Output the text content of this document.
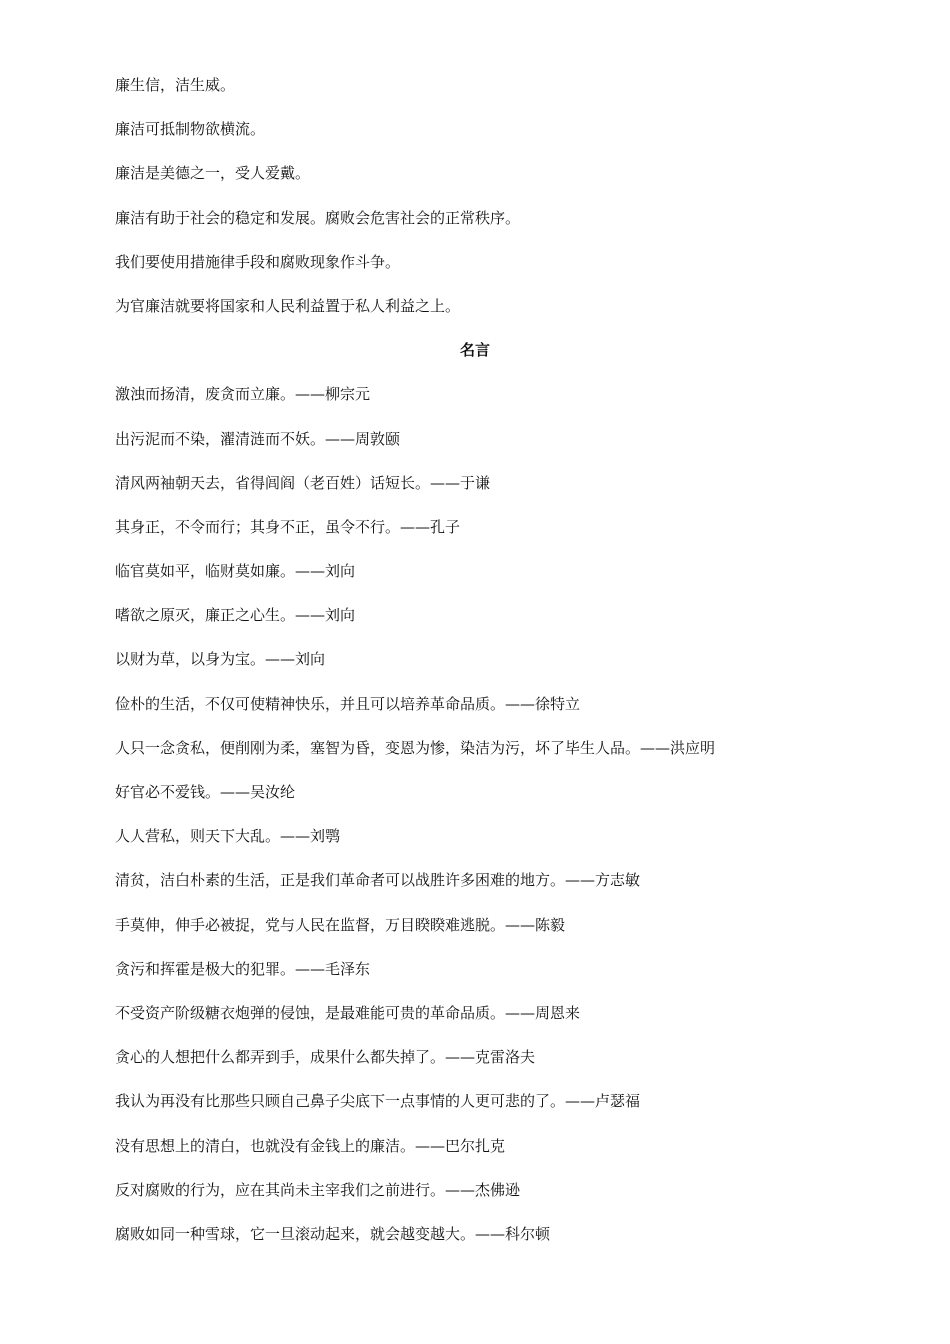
廉生信，洁生威。
廉洁可抵制物欲横流。
廉洁是美德之一，受人爱戴。
廉洁有助于社会的稳定和发展。腐败会危害社会的正常秩序。
我们要使用措施律手段和腐败现象作斗争。
为官廉洁就要将国家和人民利益置于私人利益之上。
名言
激浊而扬清，废贪而立廉。——柳宗元
出污泥而不染，濯清涟而不妖。——周敦颐
清风两袖朝天去，省得闾阎（老百姓）话短长。——于谦
其身正，不令而行；其身不正，虽令不行。——孔子
临官莫如平，临财莫如廉。——刘向
嗜欲之原灭，廉正之心生。——刘向
以财为草，以身为宝。——刘向
俭朴的生活，不仅可使精神快乐，并且可以培养革命品质。——徐特立
人只一念贪私，便削刚为柔，塞智为昏，变恩为惨，染洁为污，坏了毕生人品。——洪应明
好官必不爱钱。——吴汝纶
人人营私，则天下大乱。——刘鹗
清贫，洁白朴素的生活，正是我们革命者可以战胜许多困难的地方。——方志敏
手莫伸，伸手必被捉，党与人民在监督，万目睽睽难逃脱。——陈毅
贪污和挥霍是极大的犯罪。——毛泽东
不受资产阶级糖衣炮弹的侵蚀，是最难能可贵的革命品质。——周恩来
贪心的人想把什么都弄到手，成果什么都失掉了。——克雷洛夫
我认为再没有比那些只顾自己鼻子尖底下一点事情的人更可悲的了。——卢瑟福
没有思想上的清白，也就没有金钱上的廉洁。——巴尔扎克
反对腐败的行为，应在其尚未主宰我们之前进行。——杰佛逊
腐败如同一种雪球，它一旦滚动起来，就会越变越大。——科尔顿
